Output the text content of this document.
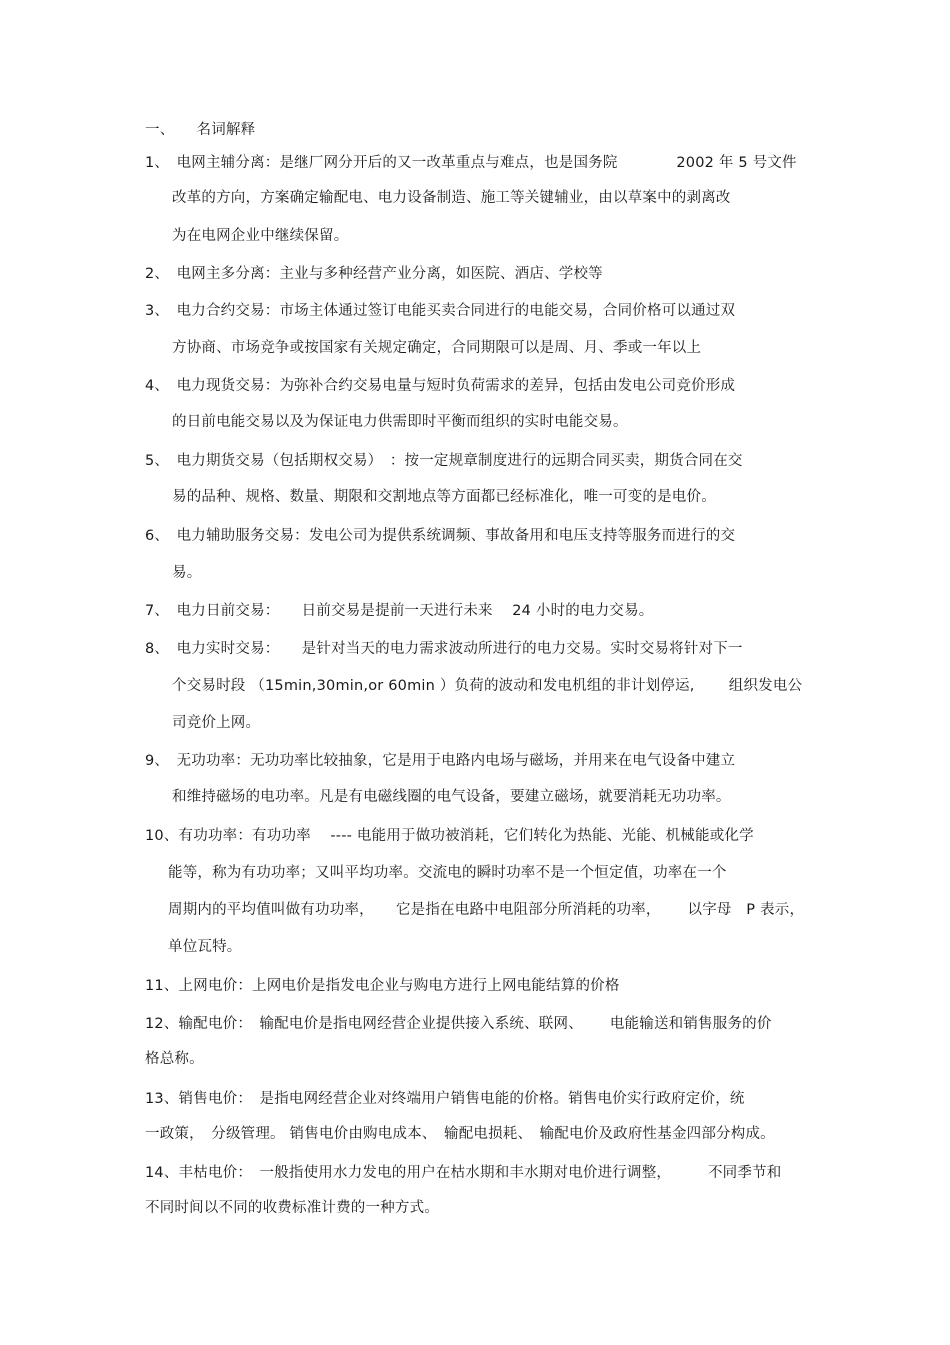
一、　　名词解释
1、　电网主辅分离：是继厂网分开后的又一改革重点与难点，也是国务院　　　　2002 年 5 号文件
改革的方向，方案确定输配电、电力设备制造、施工等关键辅业，由以草案中的剥离改
为在电网企业中继续保留。
2、　电网主多分离：主业与多种经营产业分离，如医院、酒店、学校等
3、　电力合约交易：市场主体通过签订电能买卖合同进行的电能交易，合同价格可以通过双
方协商、市场竞争或按国家有关规定确定，合同期限可以是周、月、季或一年以上
4、　电力现货交易：为弥补合约交易电量与短时负荷需求的差异，包括由发电公司竞价形成
的日前电能交易以及为保证电力供需即时平衡而组织的实时电能交易。
5、　电力期货交易（包括期权交易）　：按一定规章制度进行的远期合同买卖，期货合同在交
易的品种、规格、数量、期限和交割地点等方面都已经标准化，唯一可变的是电价。
6、　电力辅助服务交易：发电公司为提供系统调频、事故备用和电压支持等服务而进行的交
易。
7、　电力日前交易：　　日前交易是提前一天进行未来　 24 小时的电力交易。
8、　电力实时交易：　　是针对当天的电力需求波动所进行的电力交易。实时交易将针对下一
个交易时段 （15min,30min,or 60min ）负荷的波动和发电机组的非计划停运,　　 组织发电公
司竞价上网。
9、　无功功率：无功功率比较抽象，它是用于电路内电场与磁场，并用来在电气设备中建立
和维持磁场的电功率。凡是有电磁线圈的电气设备，要建立磁场，就要消耗无功功率。
10、有功功率：有功功率　 ---- 电能用于做功被消耗，它们转化为热能、光能、机械能或化学
能等，称为有功功率；又叫平均功率。交流电的瞬时功率不是一个恒定值，功率在一个
周期内的平均值叫做有功功率，　　它是指在电路中电阻部分所消耗的功率，　　 以字母　P 表示，
单位瓦特。
11、上网电价：上网电价是指发电企业与购电方进行上网电能结算的价格
12、输配电价：　输配电价是指电网经营企业提供接入系统、联网、　　 电能输送和销售服务的价
格总称。
13、销售电价：　是指电网经营企业对终端用户销售电能的价格。销售电价实行政府定价，统
一政策，　分级管理。 销售电价由购电成本、　输配电损耗、　输配电价及政府性基金四部分构成。
14、丰枯电价：　一般指使用水力发电的用户在枯水期和丰水期对电价进行调整，　　　不同季节和
不同时间以不同的收费标准计费的一种方式。
